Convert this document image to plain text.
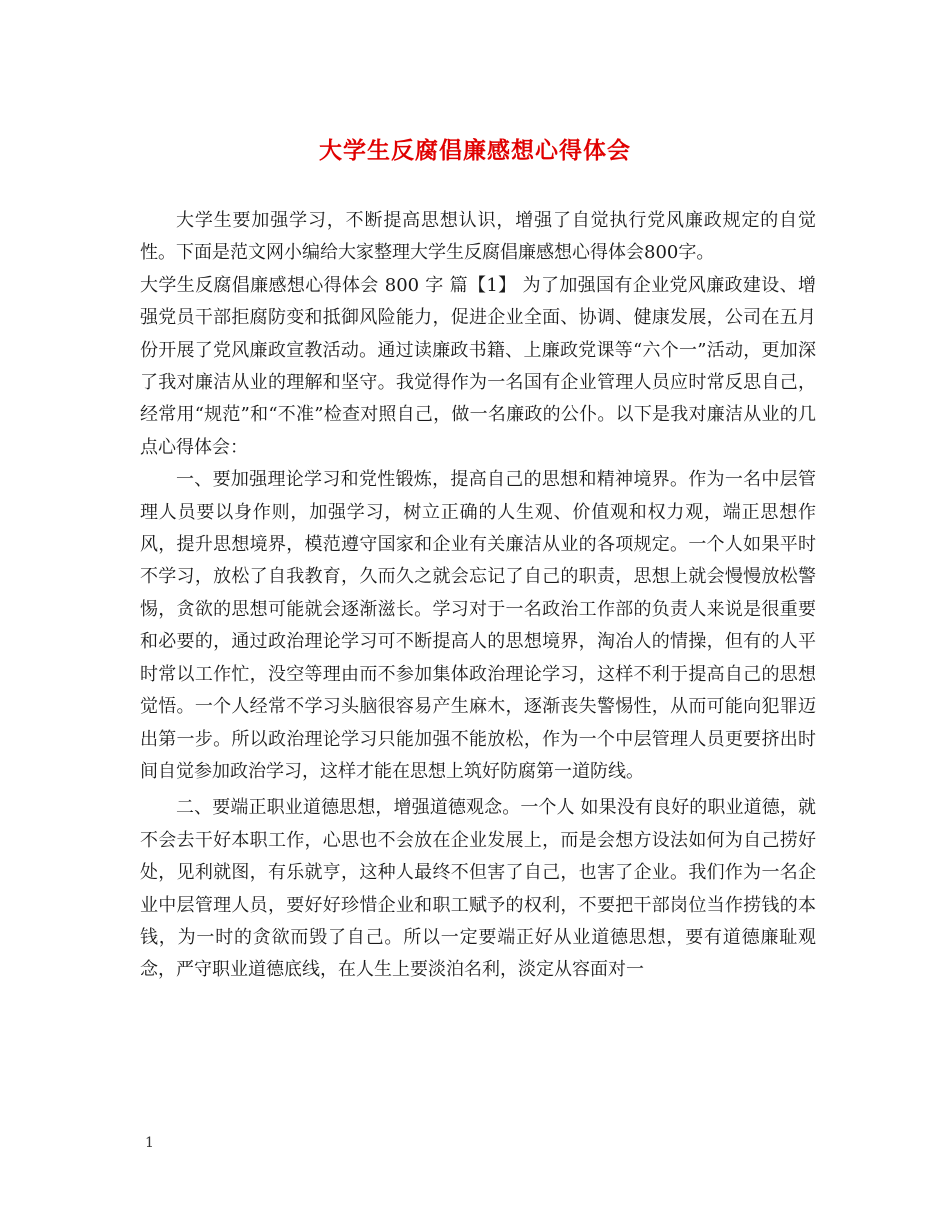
大学生反腐倡廉感想心得体会

大学生要加强学习，不断提高思想认识，增强了自觉执行党风廉政规定的自觉性。下面是范文网小编给大家整理大学生反腐倡廉感想心得体会800字。

大学生反腐倡廉感想心得体会 800 字 篇【1】 为了加强国有企业党风廉政建设、增强党员干部拒腐防变和抵御风险能力，促进企业全面、协调、健康发展，公司在五月份开展了党风廉政宣教活动。通过读廉政书籍、上廉政党课等“六个一”活动，更加深了我对廉洁从业的理解和坚守。我觉得作为一名国有企业管理人员应时常反思自己，经常用“规范”和“不准”检查对照自己，做一名廉政的公仆。以下是我对廉洁从业的几点心得体会：

一、要加强理论学习和党性锻炼，提高自己的思想和精神境界。作为一名中层管理人员要以身作则，加强学习，树立正确的人生观、价值观和权力观，端正思想作风，提升思想境界，模范遵守国家和企业有关廉洁从业的各项规定。一个人如果平时不学习，放松了自我教育，久而久之就会忘记了自己的职责，思想上就会慢慢放松警惕，贪欲的思想可能就会逐渐滋长。学习对于一名政治工作部的负责人来说是很重要和必要的，通过政治理论学习可不断提高人的思想境界，淘冶人的情操，但有的人平时常以工作忙，没空等理由而不参加集体政治理论学习，这样不利于提高自己的思想觉悟。一个人经常不学习头脑很容易产生麻木，逐渐丧失警惕性，从而可能向犯罪迈出第一步。所以政治理论学习只能加强不能放松，作为一个中层管理人员更要挤出时间自觉参加政治学习，这样才能在思想上筑好防腐第一道防线。

二、要端正职业道德思想，增强道德观念。一个人 如果没有良好的职业道德，就不会去干好本职工作，心思也不会放在企业发展上，而是会想方设法如何为自己捞好处，见利就图，有乐就亨，这种人最终不但害了自己，也害了企业。我们作为一名企业中层管理人员，要好好珍惜企业和职工赋予的权利，不要把干部岗位当作捞钱的本钱，为一时的贪欲而毁了自己。所以一定要端正好从业道德思想，要有道德廉耻观念，严守职业道德底线，在人生上要淡泊名利，淡定从容面对一

1
